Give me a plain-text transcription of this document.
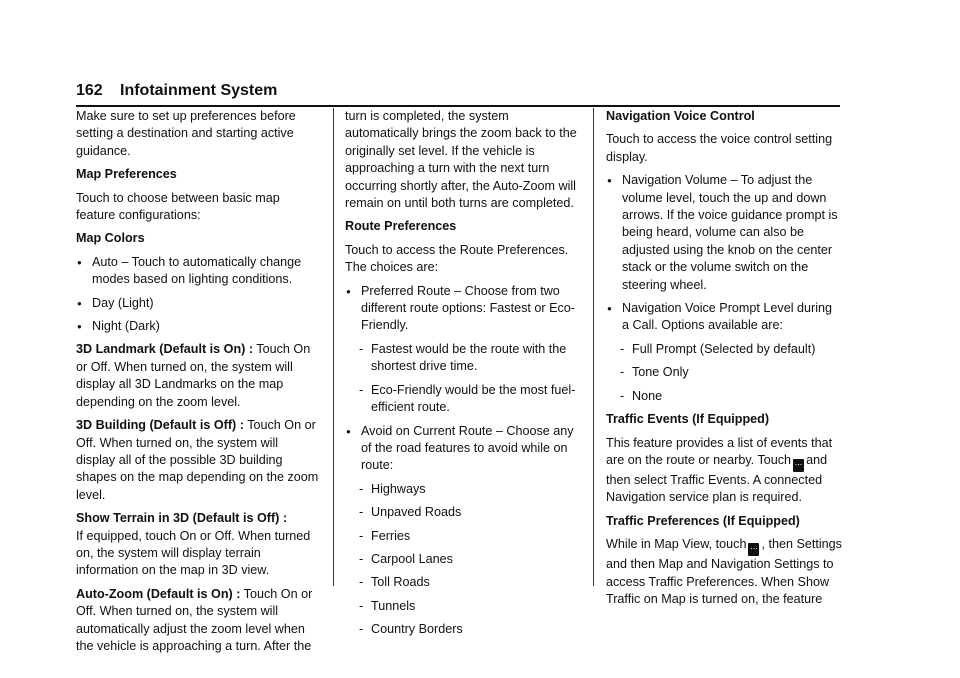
162 Infotainment System

Make sure to set up preferences before setting a destination and starting active guidance.

Map Preferences

Touch to choose between basic map feature configurations:

Map Colors

● Auto – Touch to automatically change modes based on lighting conditions.
● Day (Light)
● Night (Dark)

3D Landmark (Default is On) : Touch On or Off. When turned on, the system will display all 3D Landmarks on the map depending on the zoom level.

3D Building (Default is Off) : Touch On or Off. When turned on, the system will display all of the possible 3D building shapes on the map depending on the zoom level.

Show Terrain in 3D (Default is Off) :
If equipped, touch On or Off. When turned on, the system will display terrain information on the map in 3D view.

Auto-Zoom (Default is On) : Touch On or Off. When turned on, the system will automatically adjust the zoom level when the vehicle is approaching a turn. After the

turn is completed, the system automatically brings the zoom back to the originally set level. If the vehicle is approaching a turn with the next turn occurring shortly after, the Auto-Zoom will remain on until both turns are completed.

Route Preferences

Touch to access the Route Preferences. The choices are:

● Preferred Route – Choose from two different route options: Fastest or Eco-Friendly.
- Fastest would be the route with the shortest drive time.
- Eco-Friendly would be the most fuel-efficient route.
● Avoid on Current Route – Choose any of the road features to avoid while on route:
- Highways
- Unpaved Roads
- Ferries
- Carpool Lanes
- Toll Roads
- Tunnels
- Country Borders

Navigation Voice Control

Touch to access the voice control setting display.

● Navigation Volume – To adjust the volume level, touch the up and down arrows. If the voice guidance prompt is being heard, volume can also be adjusted using the knob on the center stack or the volume switch on the steering wheel.
● Navigation Voice Prompt Level during a Call. Options available are:
- Full Prompt (Selected by default)
- Tone Only
- None

Traffic Events (If Equipped)

This feature provides a list of events that are on the route or nearby. Touch ... and then select Traffic Events. A connected Navigation service plan is required.

Traffic Preferences (If Equipped)

While in Map View, touch ... , then Settings and then Map and Navigation Settings to access Traffic Preferences. When Show Traffic on Map is turned on, the feature
